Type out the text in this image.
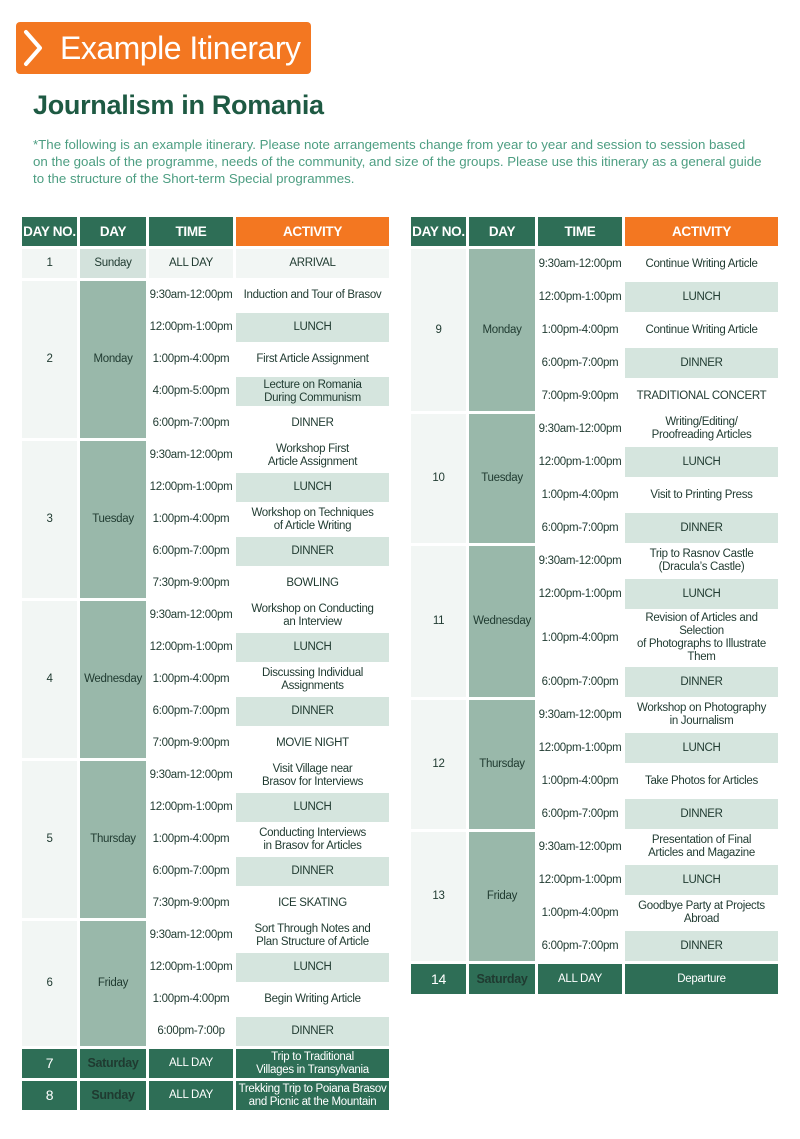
Example Itinerary
Journalism in Romania
*The following is an example itinerary. Please note arrangements change from year to year and session to session based on the goals of the programme, needs of the community, and size of the groups. Please use this itinerary as a general guide to the structure of the Short-term Special programmes.
DAY NO.	DAY	TIME	ACTIVITY
1	Sunday	ALL DAY	ARRIVAL

2	Monday	9:30am-12:00pm	Induction and Tour of Brasov

		12:00pm-1:00pm	LUNCH

		1:00pm-4:00pm	First Article Assignment

		4:00pm-5:00pm	Lecture on Romania
During Communism

		6:00pm-7:00pm	DINNER

3	Tuesday	9:30am-12:00pm	Workshop First
Article Assignment

		12:00pm-1:00pm	LUNCH

		1:00pm-4:00pm	Workshop on Techniques
of Article Writing

		6:00pm-7:00pm	DINNER

		7:30pm-9:00pm	BOWLING

4	Wednesday	9:30am-12:00pm	Workshop on Conducting
an Interview

		12:00pm-1:00pm	LUNCH

		1:00pm-4:00pm	Discussing Individual
Assignments

		6:00pm-7:00pm	DINNER

		7:00pm-9:00pm	MOVIE NIGHT

5	Thursday	9:30am-12:00pm	Visit Village near
Brasov for Interviews

		12:00pm-1:00pm	LUNCH

		1:00pm-4:00pm	Conducting Interviews
in Brasov for Articles

		6:00pm-7:00pm	DINNER

		7:30pm-9:00pm	ICE SKATING

6	Friday	9:30am-12:00pm	Sort Through Notes and
Plan Structure of Article

		12:00pm-1:00pm	LUNCH

		1:00pm-4:00pm	Begin Writing Article

		6:00pm-7:00p	DINNER

7	Saturday	ALL DAY	Trip to Traditional
Villages in Transylvania

8	Sunday	ALL DAY	Trekking Trip to Poiana Brasov
and Picnic at the Mountain
DAY NO.	DAY	TIME	ACTIVITY
9	Monday	9:30am-12:00pm	Continue Writing Article

		12:00pm-1:00pm	LUNCH

		1:00pm-4:00pm	Continue Writing Article

		6:00pm-7:00pm	DINNER

		7:00pm-9:00pm	TRADITIONAL CONCERT

10	Tuesday	9:30am-12:00pm	Writing/Editing/
Proofreading Articles

		12:00pm-1:00pm	LUNCH

		1:00pm-4:00pm	Visit to Printing Press

		6:00pm-7:00pm	DINNER

11	Wednesday	9:30am-12:00pm	Trip to Rasnov Castle
(Dracula’s Castle)

		12:00pm-1:00pm	LUNCH

		1:00pm-4:00pm	Revision of Articles and Selection
of Photographs to Illustrate Them

		6:00pm-7:00pm	DINNER

12	Thursday	9:30am-12:00pm	Workshop on Photography
in Journalism

		12:00pm-1:00pm	LUNCH

		1:00pm-4:00pm	Take Photos for Articles

		6:00pm-7:00pm	DINNER

13	Friday	9:30am-12:00pm	Presentation of Final
Articles and Magazine

		12:00pm-1:00pm	LUNCH

		1:00pm-4:00pm	Goodbye Party at Projects Abroad

		6:00pm-7:00pm	DINNER

14	Saturday	ALL DAY	Departure
